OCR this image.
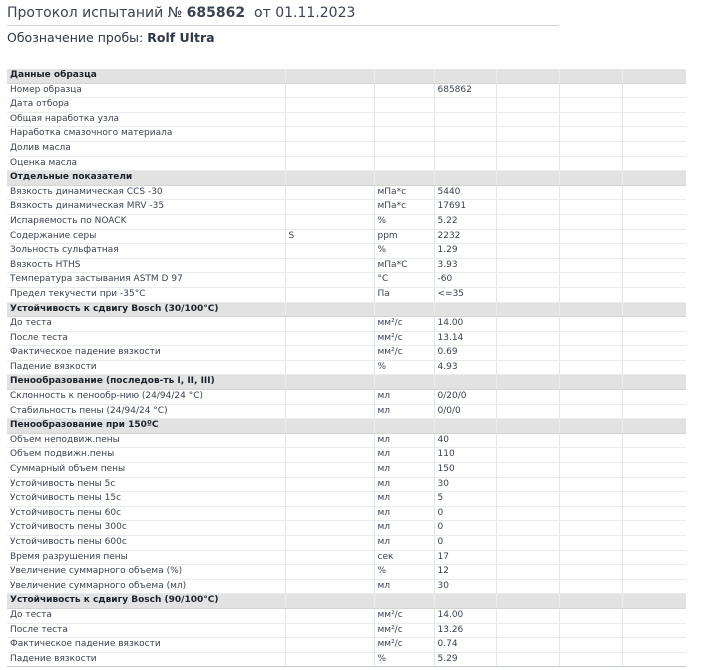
Протокол испытаний № 685862 от 01.11.2023
Обозначение пробы: Rolf Ultra
Данные образца						
Номер образца			685862			
Дата отбора						
Общая наработка узла						
Наработка смазочного материала						
Долив масла						
Оценка масла						
Отдельные показатели						
Вязкость динамическая CCS -30		мПа*с	5440			
Вязкость динамическая MRV -35		мПа*с	17691			
Испаряемость по NOACK		%	5.22			
Содержание серы	S	ppm	2232			
Зольность сульфатная		%	1.29			
Вязкость HTHS		мПа*С	3.93			
Температура застывания ASTM D 97		°С	-60			
Предел текучести при -35°С		Па	<=35			
Устойчивость к сдвигу Bosch (30/100°С)						
До теста		мм²/с	14.00			
После теста		мм²/с	13.14			
Фактическое падение вязкости		мм²/с	0.69			
Падение вязкости		%	4.93			
Пенообразование (последов-ть I, II, III)						
Склонность к пенообр-нию (24/94/24 °С)		мл	0/20/0			
Стабильность пены (24/94/24 °С)		мл	0/0/0			
Пенообразование при 150ºС						
Объем неподвиж.пены		мл	40			
Объем подвижн.пены		мл	110			
Суммарный объем пены		мл	150			
Устойчивость пены 5с		мл	30			
Устойчивость пены 15с		мл	5			
Устойчивость пены 60с		мл	0			
Устойчивость пены 300с		мл	0			
Устойчивость пены 600с		мл	0			
Время разрушения пены		сек	17			
Увеличение суммарного объема (%)		%	12			
Увеличение суммарного объема (мл)		мл	30			
Устойчивость к сдвигу Bosch (90/100°С)						
До теста		мм²/с	14.00			
После теста		мм²/с	13.26			
Фактическое падение вязкости		мм²/с	0.74			
Падение вязкости		%	5.29			
